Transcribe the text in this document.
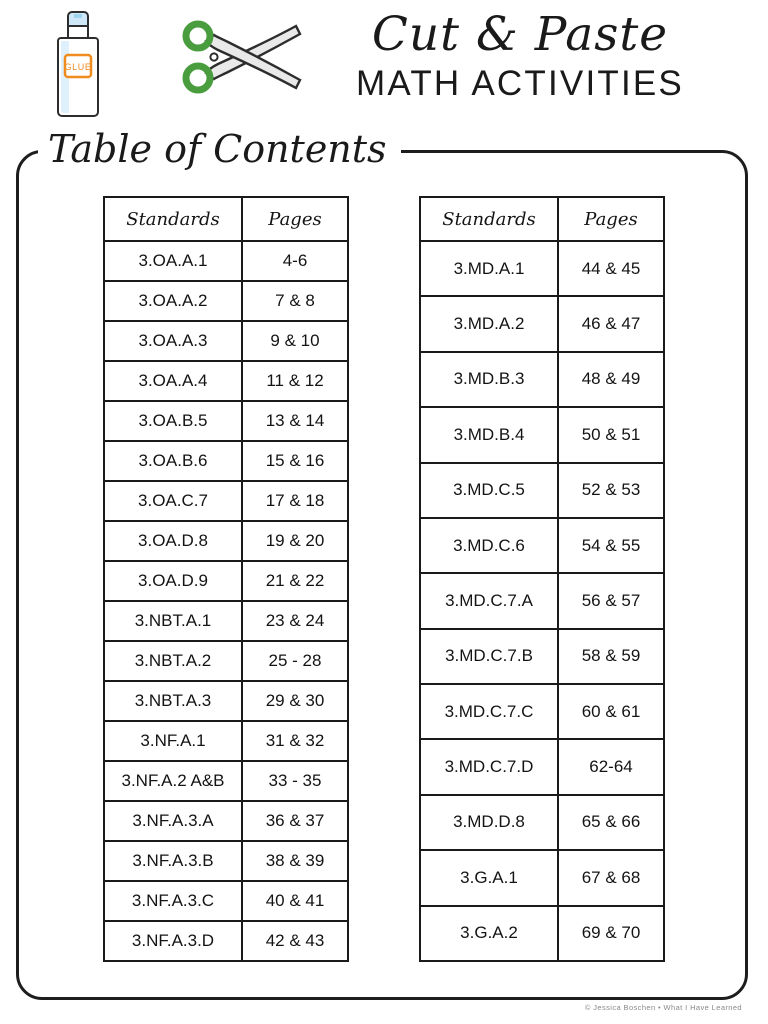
GLUE
Cut & Paste
MATH ACTIVITIES
Table of Contents
Standards	Pages
3.OA.A.1	4-6
3.OA.A.2	7 & 8
3.OA.A.3	9 & 10
3.OA.A.4	11 & 12
3.OA.B.5	13 & 14
3.OA.B.6	15 & 16
3.OA.C.7	17 & 18
3.OA.D.8	19 & 20
3.OA.D.9	21 & 22
3.NBT.A.1	23 & 24
3.NBT.A.2	25 - 28
3.NBT.A.3	29 & 30
3.NF.A.1	31 & 32
3.NF.A.2 A&B	33 - 35
3.NF.A.3.A	36 & 37
3.NF.A.3.B	38 & 39
3.NF.A.3.C	40 & 41
3.NF.A.3.D	42 & 43
Standards	Pages
3.MD.A.1	44 & 45
3.MD.A.2	46 & 47
3.MD.B.3	48 & 49
3.MD.B.4	50 & 51
3.MD.C.5	52 & 53
3.MD.C.6	54 & 55
3.MD.C.7.A	56 & 57
3.MD.C.7.B	58 & 59
3.MD.C.7.C	60 & 61
3.MD.C.7.D	62-64
3.MD.D.8	65 & 66
3.G.A.1	67 & 68
3.G.A.2	69 & 70
© Jessica Boschen • What I Have Learned
